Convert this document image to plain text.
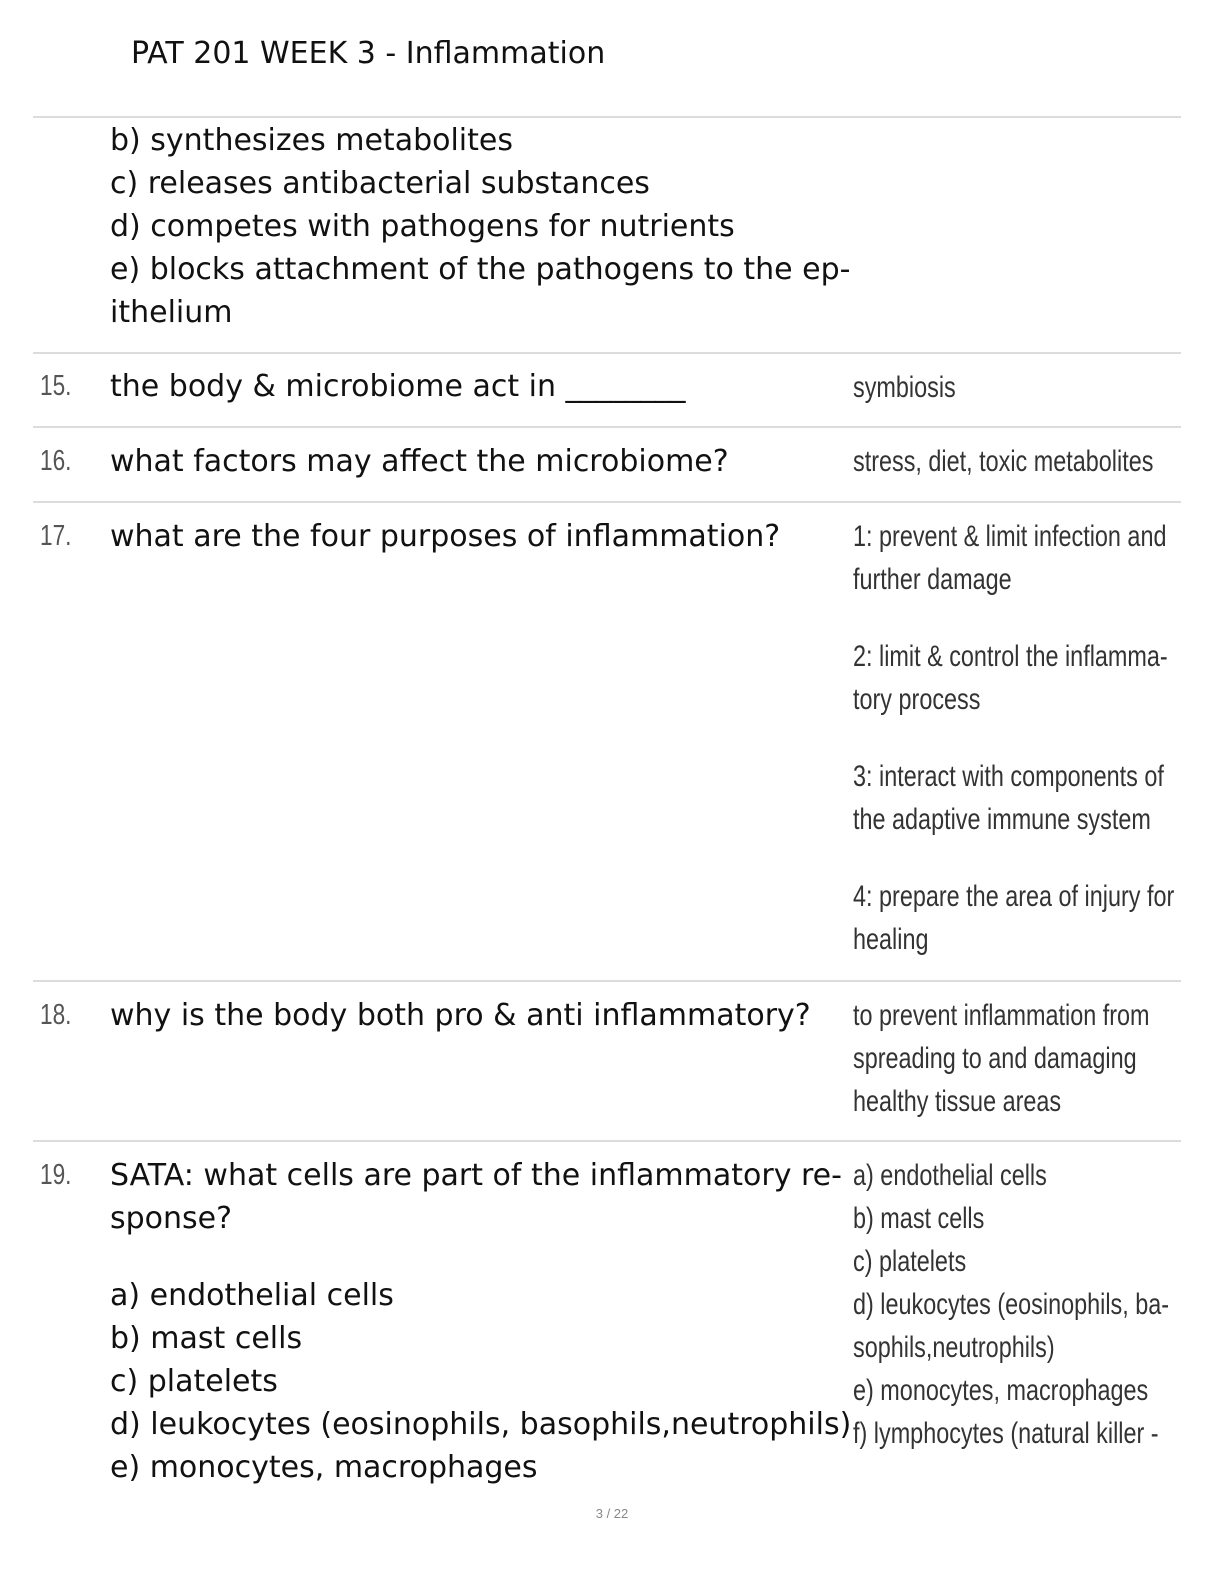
PAT 201 WEEK 3 - Inflammation
b) synthesizes metabolites
c) releases antibacterial substances
d) competes with pathogens for nutrients
e) blocks attachment of the pathogens to the ep-
ithelium
15. the body & microbiome act in ________	symbiosis
16. what factors may affect the microbiome?	stress, diet, toxic metabolites
17. what are the four purposes of inflammation? 1: prevent & limit infection and
further damage
2: limit & control the inflamma-
tory process
3: interact with components of
the adaptive immune system
4: prepare the area of injury for
healing
18. why is the body both pro & anti inflammatory? to prevent inflammation from
spreading to and damaging
healthy tissue areas
19. SATA: what cells are part of the inflammatory re-
sponse?
a) endothelial cells
b) mast cells
c) platelets
d) leukocytes (eosinophils, basophils,neutrophils)
e) monocytes, macrophages
a) endothelial cells
b) mast cells
c) platelets
d) leukocytes (eosinophils, ba-
sophils,neutrophils)
e) monocytes, macrophages
f) lymphocytes (natural killer -
3 / 22
